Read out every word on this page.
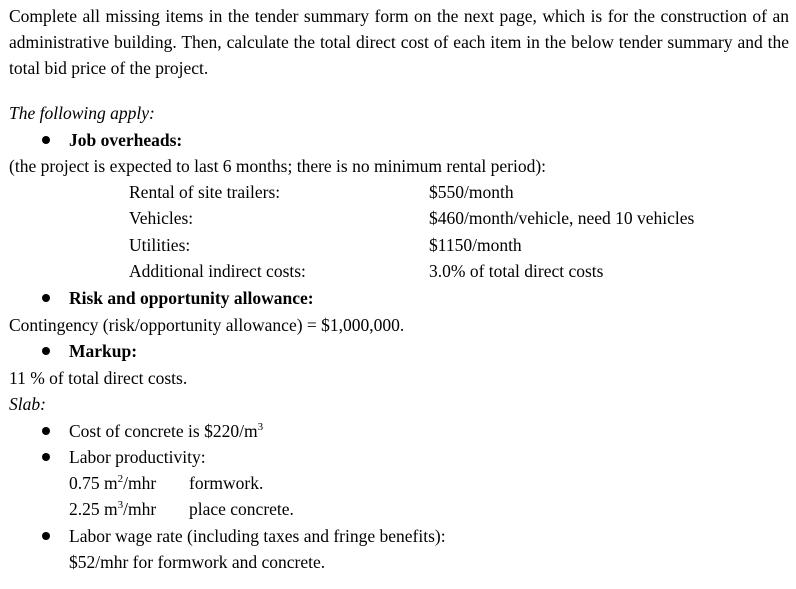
Complete all missing items in the tender summary form on the next page, which is for the construction of an administrative building. Then, calculate the total direct cost of each item in the below tender summary and the total bid price of the project.
The following apply:
Job overheads:
(the project is expected to last 6 months; there is no minimum rental period):
Rental of site trailers:	$550/month
Vehicles:	$460/month/vehicle, need 10 vehicles
Utilities:	$1150/month
Additional indirect costs:	3.0% of total direct costs
Risk and opportunity allowance:
Contingency (risk/opportunity allowance) = $1,000,000.
Markup:
11 % of total direct costs.
Slab:
Cost of concrete is $\$220/m^3$
Labor productivity:
0.75 $m^2$/mhr formwork.
2.25 $m^3$/mhr place concrete.
Labor wage rate (including taxes and fringe benefits):
$52/mhr for formwork and concrete.
